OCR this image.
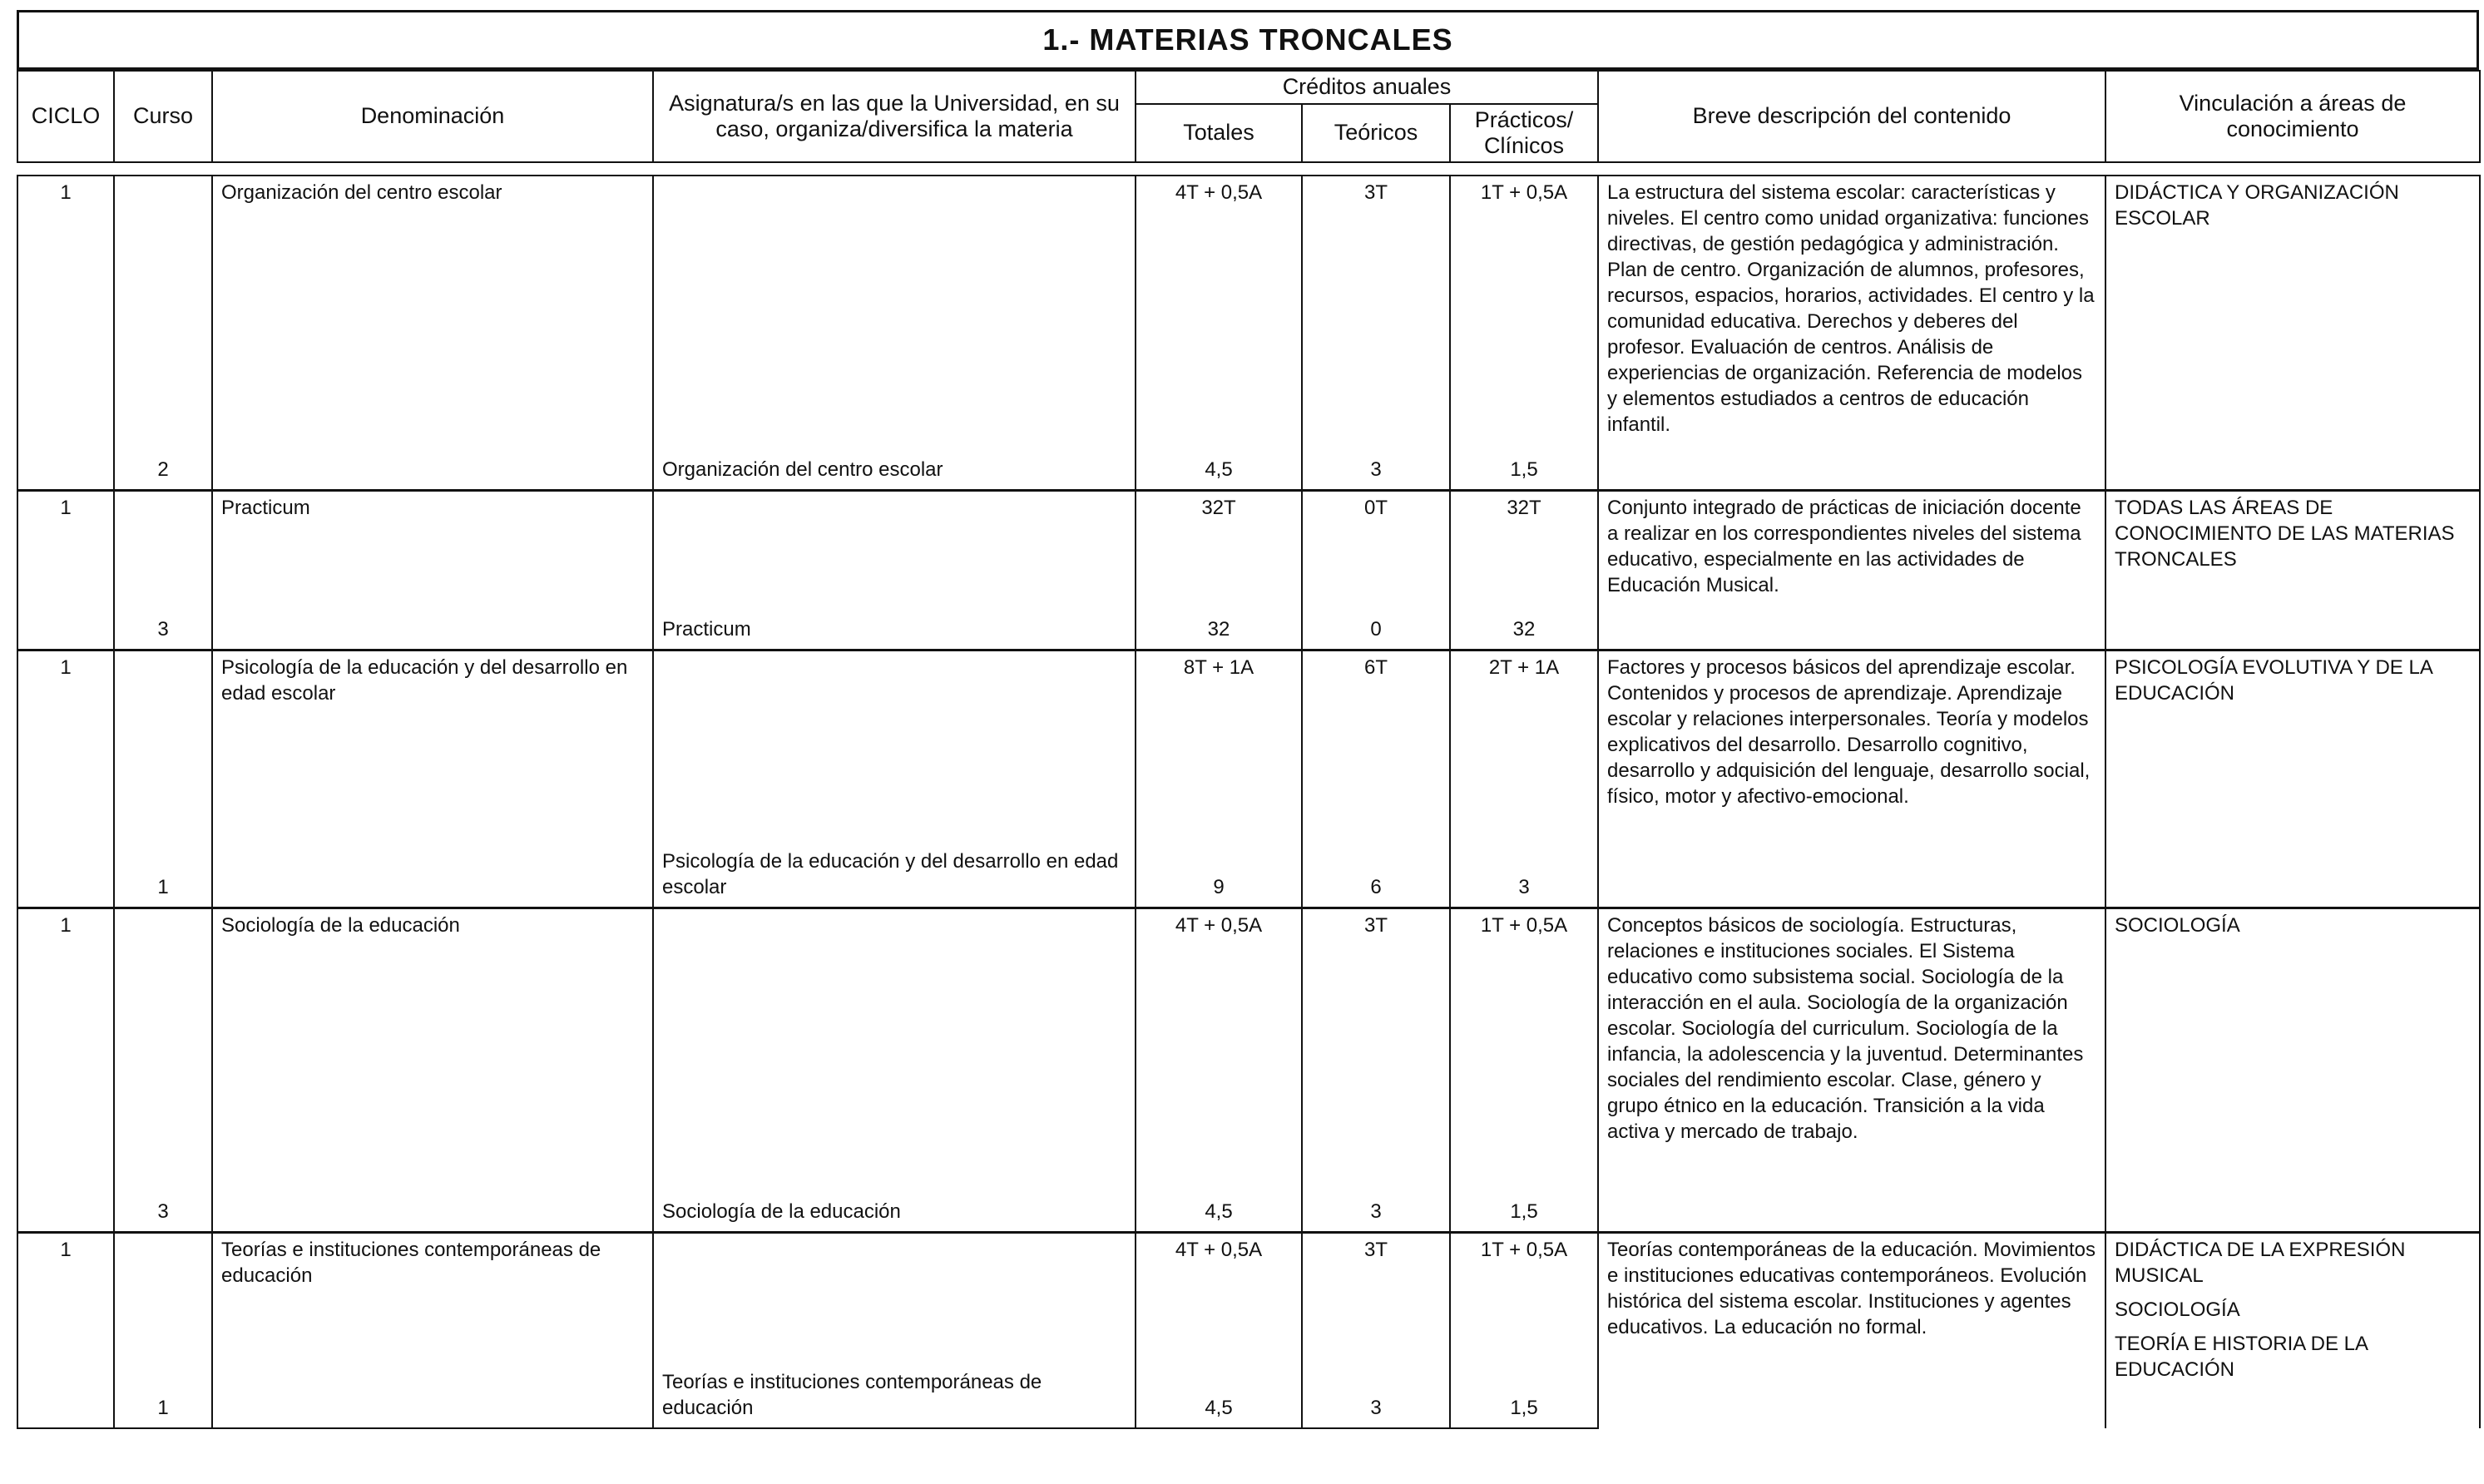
1.- MATERIAS TRONCALES
CICLO	Curso	Denominación	Asignatura/s en las que la Universidad, en su caso, organiza/diversifica la materia	Créditos anuales			Breve descripción del contenido	Vinculación a áreas de conocimiento
				Totales	Teóricos	Prácticos/ Clínicos		
1		Organización del centro escolar		4T + 0,5A	3T	1T + 0,5A	La estructura del sistema escolar: características y niveles. El centro como unidad organizativa: funciones directivas, de gestión pedagógica y administración. Plan de centro. Organización de alumnos, profesores, recursos, espacios, horarios, actividades. El centro y la comunidad educativa. Derechos y deberes del profesor. Evaluación de centros. Análisis de experiencias de organización. Referencia de modelos y elementos estudiados a centros de educación infantil.	DIDÁCTICA Y ORGANIZACIÓN ESCOLAR

	2		Organización del centro escolar	4,5	3	1,5		
1		Practicum		32T	0T	32T	Conjunto integrado de prácticas de iniciación docente a realizar en los correspondientes niveles del sistema educativo, especialmente en las actividades de Educación Musical.	TODAS LAS ÁREAS DE CONOCIMIENTO DE LAS MATERIAS TRONCALES

	3		Practicum	32	0	32		
1		Psicología de la educación y del desarrollo en edad escolar		8T + 1A	6T	2T + 1A	Factores y procesos básicos del aprendizaje escolar. Contenidos y procesos de aprendizaje. Aprendizaje escolar y relaciones interpersonales. Teoría y modelos explicativos del desarrollo. Desarrollo cognitivo, desarrollo y adquisición del lenguaje, desarrollo social, físico, motor y afectivo-emocional.	PSICOLOGÍA EVOLUTIVA Y DE LA EDUCACIÓN

	1		Psicología de la educación y del desarrollo en edad escolar	9	6	3		
1		Sociología de la educación		4T + 0,5A	3T	1T + 0,5A	Conceptos básicos de sociología. Estructuras, relaciones e instituciones sociales. El Sistema educativo como subsistema social. Sociología de la interacción en el aula. Sociología de la organización escolar. Sociología del curriculum. Sociología de la infancia, la adolescencia y la juventud. Determinantes sociales del rendimiento escolar. Clase, género y grupo étnico en la educación. Transición a la vida activa y mercado de trabajo.	SOCIOLOGÍA

	3		Sociología de la educación	4,5	3	1,5		
1		Teorías e instituciones contemporáneas de educación		4T + 0,5A	3T	1T + 0,5A	Teorías contemporáneas de la educación. Movimientos e instituciones educativas contemporáneos. Evolución histórica del sistema escolar. Instituciones y agentes educativos. La educación no formal.	DIDÁCTICA DE LA EXPRESIÓN MUSICAL
SOCIOLOGÍA
TEORÍA E HISTORIA DE LA EDUCACIÓN

	1		Teorías e instituciones contemporáneas de educación	4,5	3	1,5		
